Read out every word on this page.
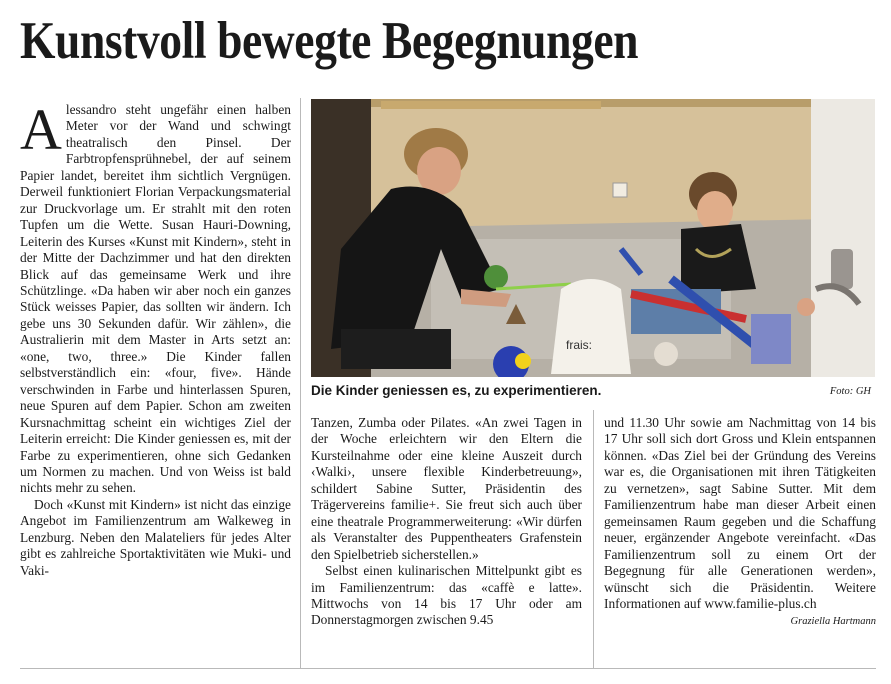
Kunstvoll bewegte Begegnungen

Alessandro steht ungefähr einen halben Meter vor der Wand und schwingt theatralisch den Pinsel. Der Farbtropfensprühnebel, der auf seinem Papier landet, bereitet ihm sichtlich Vergnügen. Derweil funktioniert Florian Verpackungsmaterial zur Druckvorlage um. Er strahlt mit den roten Tupfen um die Wette. Susan Hauri-Downing, Leiterin des Kurses «Kunst mit Kindern», steht in der Mitte der Dachzimmer und hat den direkten Blick auf das gemeinsame Werk und ihre Schützlinge. «Da haben wir aber noch ein ganzes Stück weisses Papier, das sollten wir ändern. Ich gebe uns 30 Sekunden dafür. Wir zählen», die Australierin mit dem Master in Arts setzt an: «one, two, three.» Die Kinder fallen selbstverständlich ein: «four, five». Hände verschwinden in Farbe und hinterlassen Spuren, neue Spuren auf dem Papier. Schon am zweiten Kursnachmittag scheint ein wichtiges Ziel der Leiterin erreicht: Die Kinder geniessen es, mit der Farbe zu experimentieren, ohne sich Gedanken um Normen zu machen. Und von Weiss ist bald nichts mehr zu sehen.

Doch «Kunst mit Kindern» ist nicht das einzige Angebot im Familienzentrum am Walkeweg in Lenzburg. Neben den Malateliers für jedes Alter gibt es zahlreiche Sportaktivitäten wie Muki- und Vaki-

frais:
Die Kinder geniessen es, zu experimentieren.	Foto: GH

Tanzen, Zumba oder Pilates. «An zwei Tagen in der Woche erleichtern wir den Eltern die Kursteilnahme oder eine kleine Auszeit durch ‹Walki›, unsere flexible Kinderbetreuung», schildert Sabine Sutter, Präsidentin des Trägervereins familie+. Sie freut sich auch über eine theatrale Programmerweiterung: «Wir dürfen als Veranstalter des Puppentheaters Grafenstein den Spielbetrieb sicherstellen.»

Selbst einen kulinarischen Mittelpunkt gibt es im Familienzentrum: das «caffè e latte». Mittwochs von 14 bis 17 Uhr oder am Donnerstagmorgen zwischen 9.45

und 11.30 Uhr sowie am Nachmittag von 14 bis 17 Uhr soll sich dort Gross und Klein entspannen können. «Das Ziel bei der Gründung des Vereins war es, die Organisationen mit ihren Tätigkeiten zu vernetzen», sagt Sabine Sutter. Mit dem Familienzentrum habe man dieser Arbeit einen gemeinsamen Raum gegeben und die Schaffung neuer, ergänzender Angebote vereinfacht. «Das Familienzentrum soll zu einem Ort der Begegnung für alle Generationen werden», wünscht sich die Präsidentin. Weitere Informationen auf www.familie-plus.ch
Graziella Hartmann
